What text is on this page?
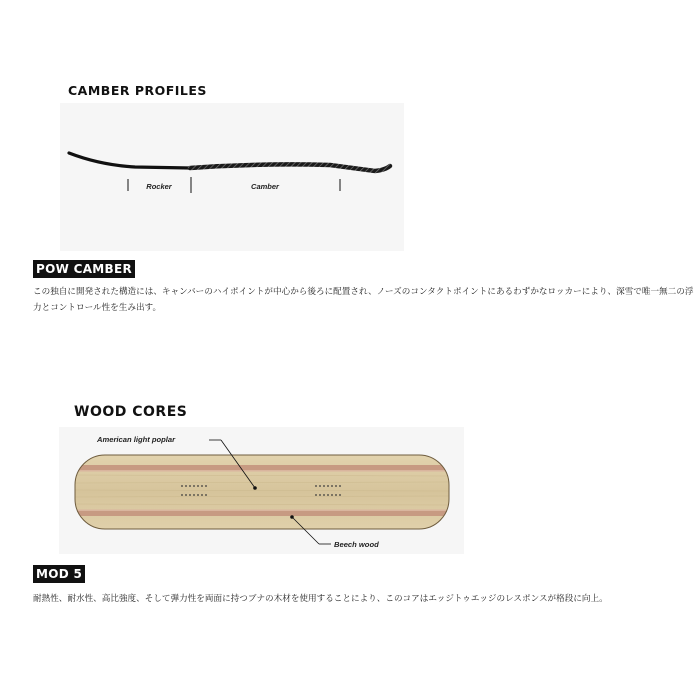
CAMBER PROFILES
Rocker	Camber
POW CAMBER
この独自に開発された構造には、キャンバーのハイポイントが中心から後ろに配置され、ノーズのコンタクトポイントにあるわずかなロッカーにより、深雪で唯一無二の浮
力とコントロール性を生み出す。
WOOD CORES
American light poplar
Beech wood
MOD 5
耐熱性、耐水性、高比強度、そして弾力性を両面に持つブナの木材を使用することにより、このコアはエッジトゥエッジのレスポンスが格段に向上。
